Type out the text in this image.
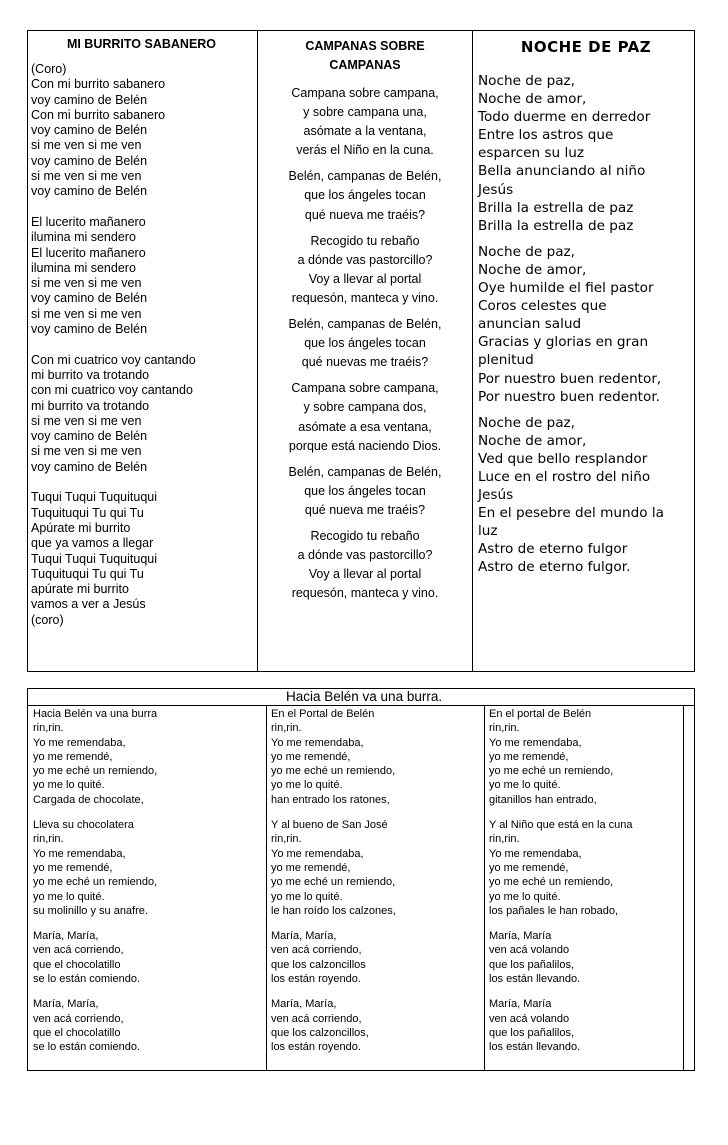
MI BURRITO SABANERO
(Coro)
Con mi burrito sabanero
voy camino de Belén
Con mi burrito sabanero
voy camino de Belén
si me ven si me ven
voy camino de Belén
si me ven si me ven
voy camino de Belén
El lucerito mañanero
ilumina mi sendero
El lucerito mañanero
ilumina mi sendero
si me ven si me ven
voy camino de Belén
si me ven si me ven
voy camino de Belén
Con mi cuatrico voy cantando
mi burrito va trotando
con mi cuatrico voy cantando
mi burrito va trotando
si me ven si me ven
voy camino de Belén
si me ven si me ven
voy camino de Belén
Tuqui Tuqui Tuquituqui
Tuquituqui Tu qui Tu
Apúrate mi burrito
que ya vamos a llegar
Tuqui Tuqui Tuquituqui
Tuquituqui Tu qui Tu
apúrate mi burrito
vamos a ver a Jesús
(coro)
CAMPANAS SOBRE CAMPANAS
Campana sobre campana,
y sobre campana una,
asómate a la ventana,
verás el Niño en la cuna.
Belén, campanas de Belén,
que los ángeles tocan
qué nueva me traéis?
Recogido tu rebaño
a dónde vas pastorcillo?
Voy a llevar al portal
requesón, manteca y vino.
Belén, campanas de Belén,
que los ángeles tocan
qué nuevas me traéis?
Campana sobre campana,
y sobre campana dos,
asómate a esa ventana,
porque está naciendo Dios.
Belén, campanas de Belén,
que los ángeles tocan
qué nueva me traéis?
Recogido tu rebaño
a dónde vas pastorcillo?
Voy a llevar al portal
requesón, manteca y vino.
NOCHE DE PAZ
Noche de paz,
Noche de amor,
Todo duerme en derredor
Entre los astros que
esparcen su luz
Bella anunciando al niño
Jesús
Brilla la estrella de paz
Brilla la estrella de paz
Noche de paz,
Noche de amor,
Oye humilde el fiel pastor
Coros celestes que
anuncian salud
Gracias y glorias en gran
plenitud
Por nuestro buen redentor,
Por nuestro buen redentor.
Noche de paz,
Noche de amor,
Ved que bello resplandor
Luce en el rostro del niño
Jesús
En el pesebre del mundo la
luz
Astro de eterno fulgor
Astro de eterno fulgor.
Hacia Belén va una burra.
Hacia Belén va una burra
rin,rin.
Yo me remendaba,
yo me remendé,
yo me eché un remiendo,
yo me lo quité.
Cargada de chocolate,
Lleva su chocolatera
rin,rin.
Yo me remendaba,
yo me remendé,
yo me eché un remiendo,
yo me lo quité.
su molinillo y su anafre.
María, María,
ven acá corriendo,
que el chocolatillo
se lo están comiendo.
María, María,
ven acá corriendo,
que el chocolatillo
se lo están comiendo.
En el Portal de Belén
rin,rin.
Yo me remendaba,
yo me remendé,
yo me eché un remiendo,
yo me lo quité.
han entrado los ratones,
Y al bueno de San José
rin,rin.
Yo me remendaba,
yo me remendé,
yo me eché un remiendo,
yo me lo quité.
le han roído los calzones,
María, María,
ven acá corriendo,
que los calzoncillos
los están royendo.
María, María,
ven acá corriendo,
que los calzoncillos,
los están royendo.
En el portal de Belén
rin,rin.
Yo me remendaba,
yo me remendé,
yo me eché un remiendo,
yo me lo quité.
gitanillos han entrado,
Y al Niño que está en la cuna
rin,rin.
Yo me remendaba,
yo me remendé,
yo me eché un remiendo,
yo me lo quité.
los pañales le han robado,
María, María
ven acá volando
que los pañalilos,
los están llevando.
María, María
ven acá volando
que los pañalilos,
los están llevando.
